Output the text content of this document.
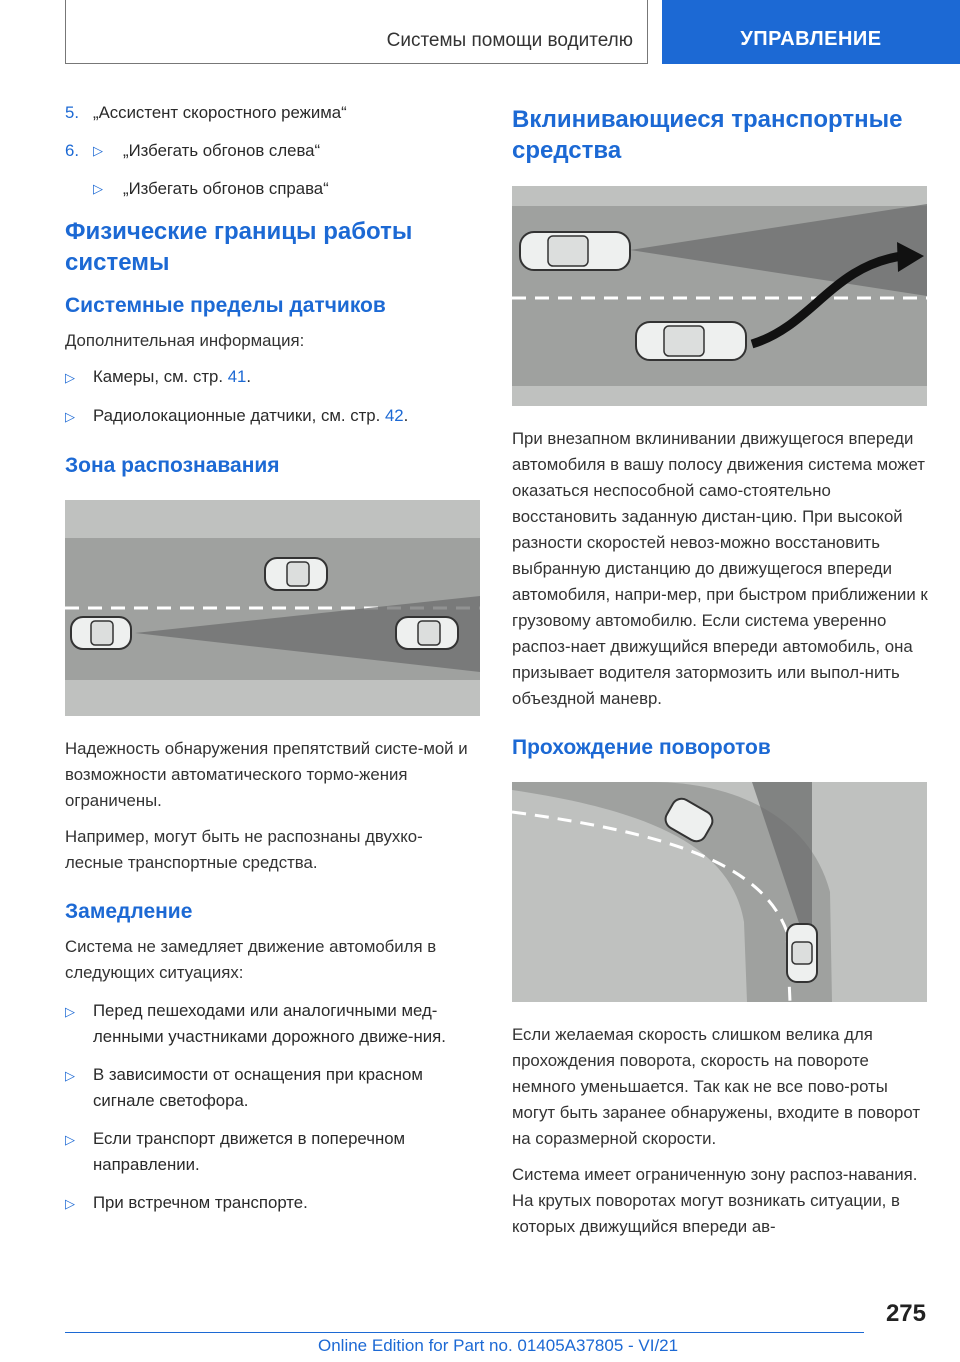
Системы помощи водителю	УПРАВЛЕНИЕ
5. „Ассистент скоростного режима“
6.	▷	„Избегать обгонов слева“
▷	„Избегать обгонов справа“
Физические границы работы системы
Системные пределы датчиков

Дополнительная информация:

▷	Камеры, см. стр. 41.
▷	Радиолокационные датчики, см. стр. 42.
Зона распознавания

Надежность обнаружения препятствий систе-мой и возможности автоматического тормо-жения ограничены.

Например, могут быть не распознаны двухко-лесные транспортные средства.

Замедление

Система не замедляет движение автомобиля в следующих ситуациях:

▷	Перед пешеходами или аналогичными мед-ленными участниками дорожного движе-ния.
▷	В зависимости от оснащения при красном сигнале светофора.
▷	Если транспорт движется в поперечном направлении.
▷	При встречном транспорте.
Вклинивающиеся транспортные средства

При внезапном вклинивании движущегося впереди автомобиля в вашу полосу движения система может оказаться неспособной само-стоятельно восстановить заданную дистан-цию. При высокой разности скоростей невоз-можно восстановить выбранную дистанцию до движущегося впереди автомобиля, напри-мер, при быстром приближении к грузовому автомобилю. Если система уверенно распоз-нает движущийся впереди автомобиль, она призывает водителя затормозить или выпол-нить объездной маневр.

Прохождение поворотов

Если желаемая скорость слишком велика для прохождения поворота, скорость на повороте немного уменьшается. Так как не все пово-роты могут быть заранее обнаружены, входите в поворот на соразмерной скорости.

Система имеет ограниченную зону распоз-навания. На крутых поворотах могут возникать ситуации, в которых движущийся впереди ав-

275
Online Edition for Part no. 01405A37805 - VI/21
